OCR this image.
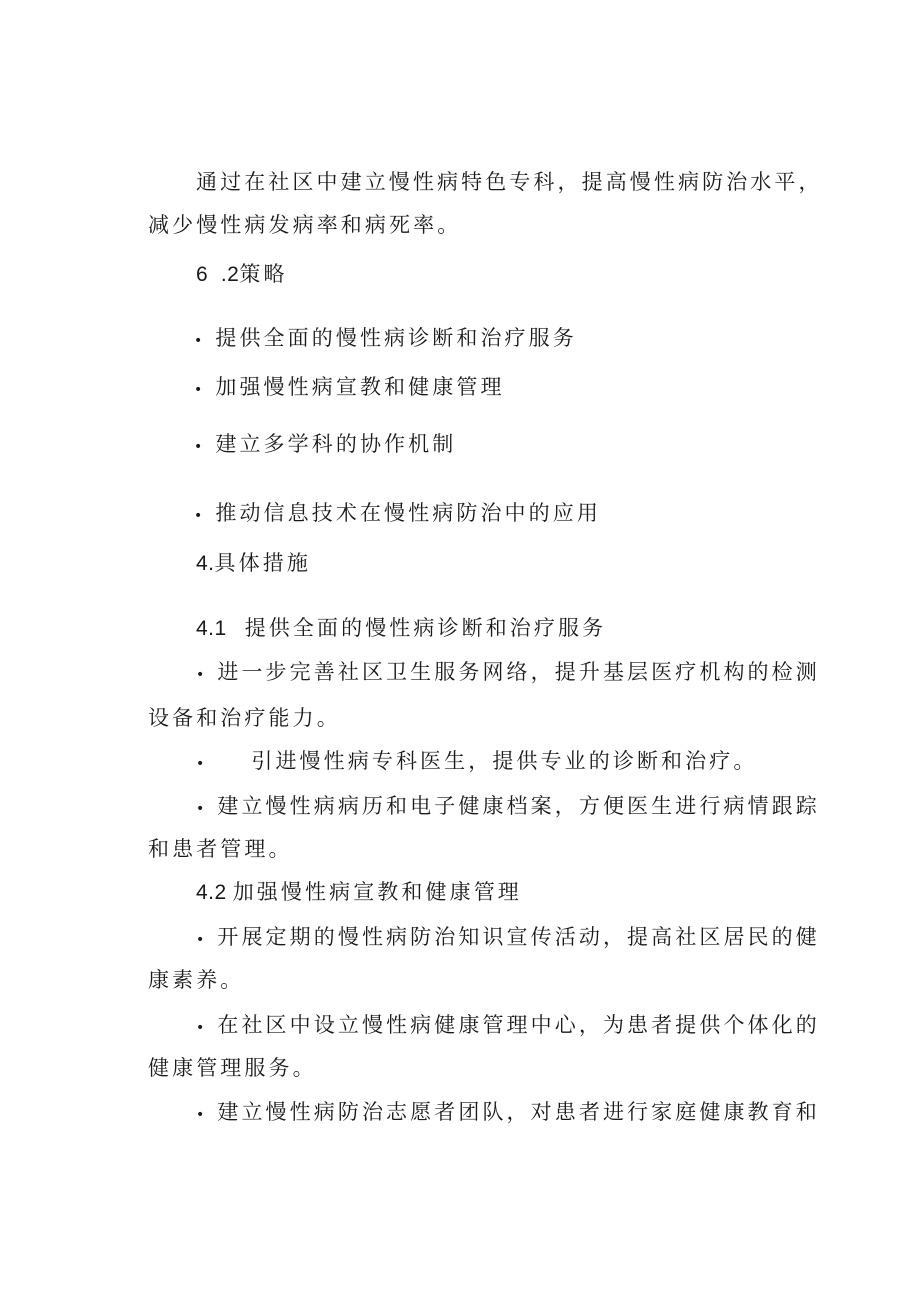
通过在社区中建立慢性病特色专科，提高慢性病防治水平，
减少慢性病发病率和病死率。
6  .2策略
• 提供全面的慢性病诊断和治疗服务
• 加强慢性病宣教和健康管理
• 建立多学科的协作机制
• 推动信息技术在慢性病防治中的应用
4.具体措施
4.1 提供全面的慢性病诊断和治疗服务
• 进一步完善社区卫生服务网络，提升基层医疗机构的检测
设备和治疗能力。
• 引进慢性病专科医生，提供专业的诊断和治疗。
• 建立慢性病病历和电子健康档案，方便医生进行病情跟踪
和患者管理。
4.2 加强慢性病宣教和健康管理
• 开展定期的慢性病防治知识宣传活动，提高社区居民的健
康素养。
• 在社区中设立慢性病健康管理中心，为患者提供个体化的
健康管理服务。
• 建立慢性病防治志愿者团队，对患者进行家庭健康教育和
